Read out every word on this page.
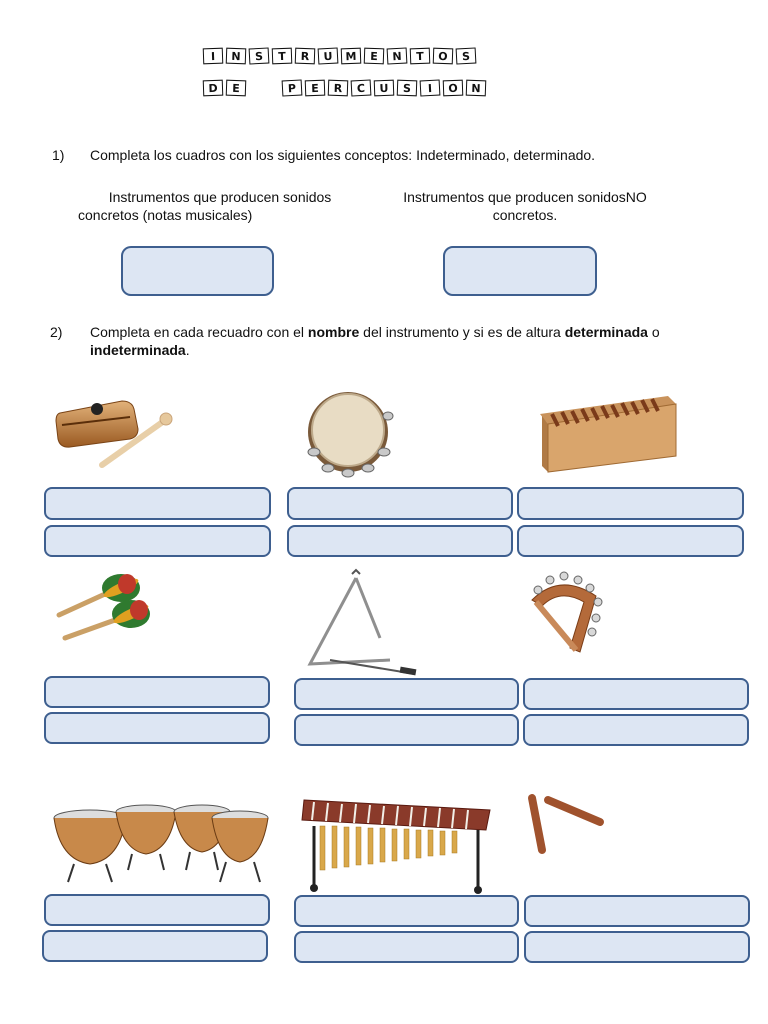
I	N	S	T	R	U	M	E	N	T	O	S
D	E	P	E	R	C	U	S	I	O	N
1) Completa los cuadros con los siguientes conceptos: Indeterminado, determinado.
Instrumentos que producen sonidos
concretos (notas musicales)
Instrumentos que producen sonidosNO
concretos.
2) Completa en cada recuadro con el nombre del instrumento y si es de altura determinada o
indeterminada.
